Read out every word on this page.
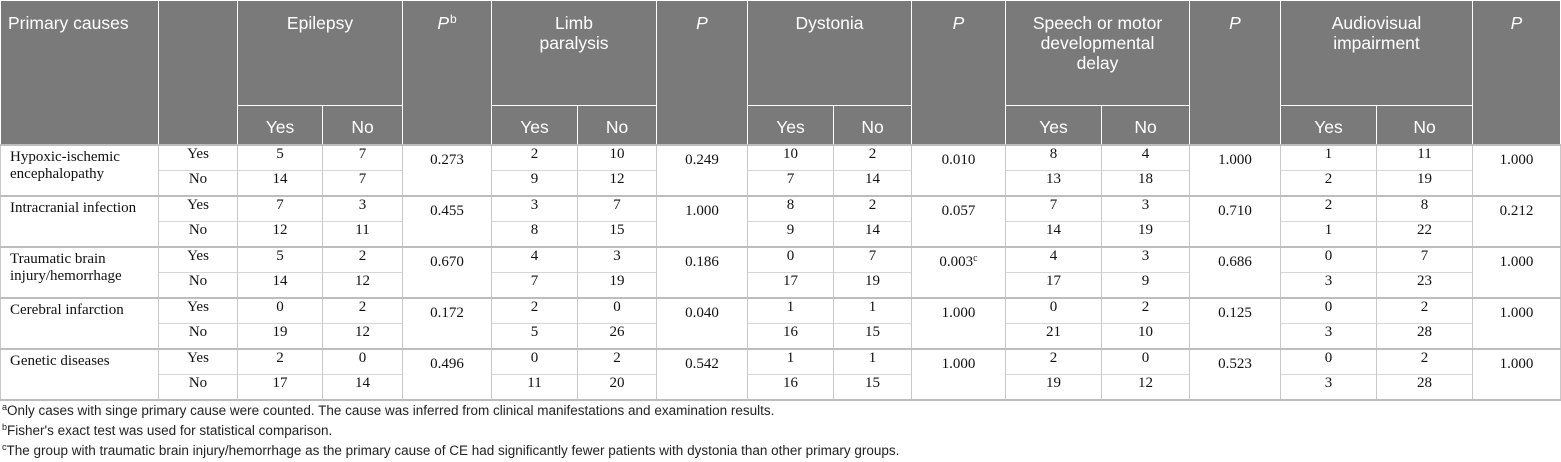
Primary causes		Epilepsy		$P^b$	Limb paralysis		P	Dystonia		P	Speech or motor developmental delay		P	Audiovisual impairment		P
		Yes	No		Yes	No		Yes	No		Yes	No		Yes	No	
Hypoxic-ischemic encephalopathy	Yes	5	7	0.273	2	10	0.249	10	2	0.010	8	4	1.000	1	11	1.000
	No	14	7		9	12		7	14		13	18		2	19	
Intracranial infection	Yes	7	3	0.455	3	7	1.000	8	2	0.057	7	3	0.710	2	8	0.212
	No	12	11		8	15		9	14		14	19		1	22	
Traumatic brain injury/hemorrhage	Yes	5	2	0.670	4	3	0.186	0	7	0.003$^c$	4	3	0.686	0	7	1.000
	No	14	12		7	19		17	19		17	9		3	23	
Cerebral infarction	Yes	0	2	0.172	2	0	0.040	1	1	1.000	0	2	0.125	0	2	1.000
	No	19	12		5	26		16	15		21	10		3	28	
Genetic diseases	Yes	2	0	0.496	0	2	0.542	1	1	1.000	2	0	0.523	0	2	1.000
	No	17	14		11	20		16	15		19	12		3	28	
$^a$Only cases with singe primary cause were counted. The cause was inferred from clinical manifestations and examination results.
$^b$Fisher's exact test was used for statistical comparison.
$^c$The group with traumatic brain injury/hemorrhage as the primary cause of CE had significantly fewer patients with dystonia than other primary groups.
